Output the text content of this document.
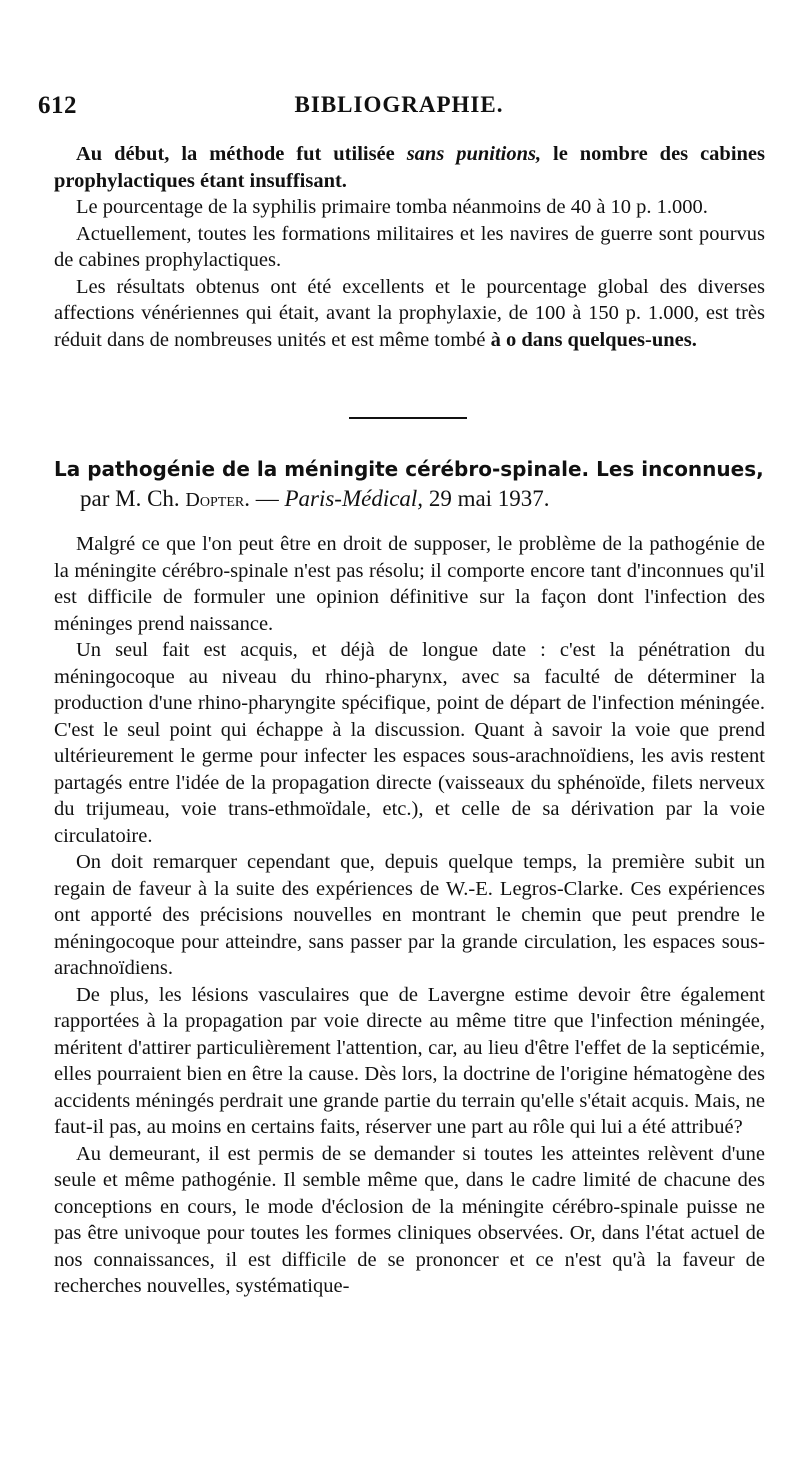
612	BIBLIOGRAPHIE.

Au début, la méthode fut utilisée sans punitions, le nombre des cabines prophylactiques étant insuffisant.

Le pourcentage de la syphilis primaire tomba néanmoins de 40 à 10 p. 1.000.

Actuellement, toutes les formations militaires et les navires de guerre sont pourvus de cabines prophylactiques.

Les résultats obtenus ont été excellents et le pourcentage global des diverses affections vénériennes qui était, avant la prophylaxie, de 100 à 150 p. 1.000, est très réduit dans de nombreuses unités et est même tombé à o dans quelques-unes.

La pathogénie de la méningite cérébro-spinale. Les inconnues,

par M. Ch. Dopter. — Paris-Médical, 29 mai 1937.

Malgré ce que l'on peut être en droit de supposer, le problème de la pathogénie de la méningite cérébro-spinale n'est pas résolu; il comporte encore tant d'inconnues qu'il est difficile de formuler une opinion définitive sur la façon dont l'infection des méninges prend naissance.

Un seul fait est acquis, et déjà de longue date : c'est la pénétration du méningocoque au niveau du rhino-pharynx, avec sa faculté de déterminer la production d'une rhino-pharyngite spécifique, point de départ de l'infection méningée. C'est le seul point qui échappe à la discussion. Quant à savoir la voie que prend ultérieurement le germe pour infecter les espaces sous-arachnoïdiens, les avis restent partagés entre l'idée de la propagation directe (vaisseaux du sphénoïde, filets nerveux du trijumeau, voie trans-ethmoïdale, etc.), et celle de sa dérivation par la voie circulatoire.

On doit remarquer cependant que, depuis quelque temps, la première subit un regain de faveur à la suite des expériences de W.-E. Legros-Clarke. Ces expériences ont apporté des précisions nouvelles en montrant le chemin que peut prendre le méningocoque pour atteindre, sans passer par la grande circulation, les espaces sous-arachnoïdiens.

De plus, les lésions vasculaires que de Lavergne estime devoir être également rapportées à la propagation par voie directe au même titre que l'infection méningée, méritent d'attirer particulièrement l'attention, car, au lieu d'être l'effet de la septicémie, elles pourraient bien en être la cause. Dès lors, la doctrine de l'origine hématogène des accidents méningés perdrait une grande partie du terrain qu'elle s'était acquis. Mais, ne faut-il pas, au moins en certains faits, réserver une part au rôle qui lui a été attribué?

Au demeurant, il est permis de se demander si toutes les atteintes relèvent d'une seule et même pathogénie. Il semble même que, dans le cadre limité de chacune des conceptions en cours, le mode d'éclosion de la méningite cérébro-spinale puisse ne pas être univoque pour toutes les formes cliniques observées. Or, dans l'état actuel de nos connaissances, il est difficile de se prononcer et ce n'est qu'à la faveur de recherches nouvelles, systématique-
